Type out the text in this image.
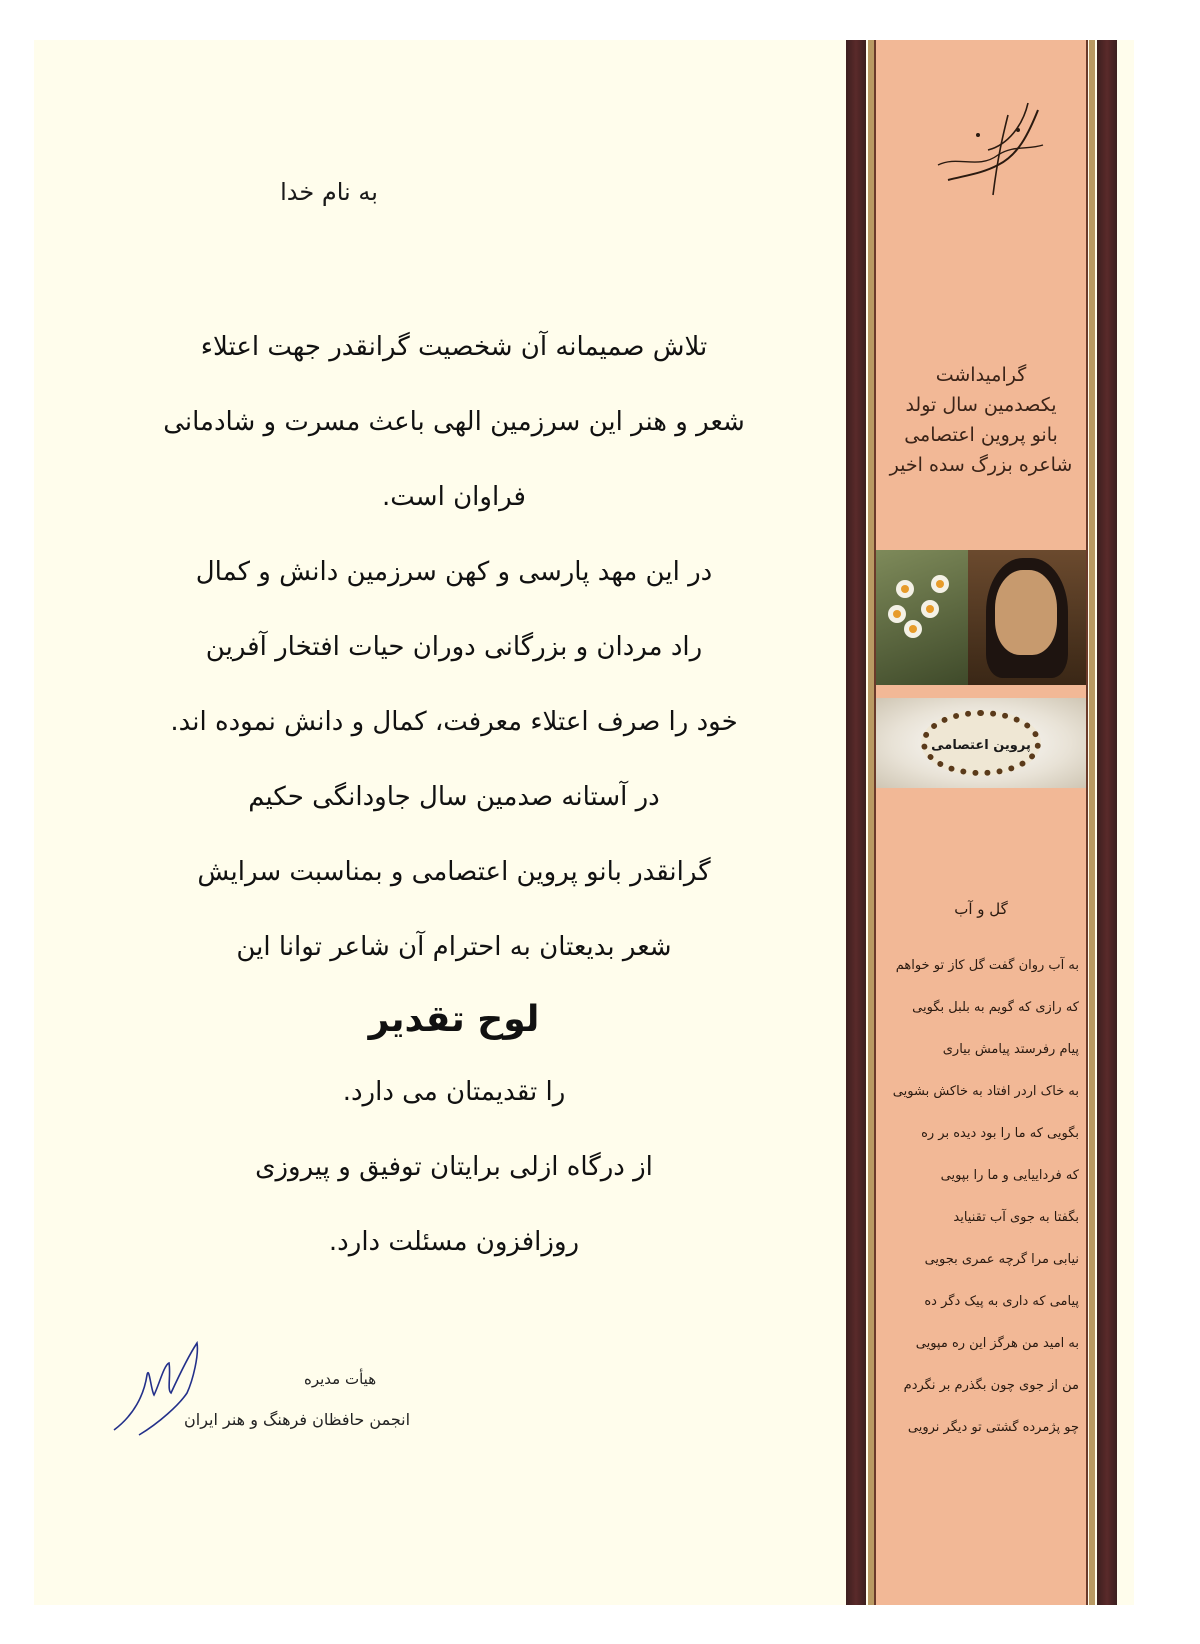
به نام خدا
تلاش صمیمانه آن شخصیت گرانقدر جهت اعتلاء
شعر و هنر این سرزمین الهی باعث مسرت و شادمانی
فراوان است.
در این مهد پارسی و کهن سرزمین دانش و کمال
راد مردان و بزرگانی دوران حیات افتخار آفرین
خود را صرف اعتلاء معرفت، کمال و دانش نموده اند.
در آستانه صدمین سال جاودانگی حکیم
گرانقدر بانو پروین اعتصامی و بمناسبت سرایش
شعر بدیعتان به احترام آن شاعر توانا این
لوح تقدیر
را تقدیمتان می دارد.
از درگاه ازلی برایتان توفیق و پیروزی
روزافزون مسئلت دارد.
هیأت مدیره
انجمن حافظان فرهنگ و هنر ایران
گرامیداشت
یکصدمین سال تولد
بانو پروین اعتصامی
شاعره بزرگ سده اخیر
پروین اعتصامی
گل و آب
به آب روان گفت گل کاز تو خواهم
که رازی که گویم به بلبل بگویی
پیام رفرستد پیامش بیاری
به خاک اردر افتاد به خاکش بشویی
بگویی که ما را بود دیده بر ره
که فرداییایی و ما را بپویی
بگفتا به جوی آب تقنیاید
نیابی مرا گرچه عمری بجویی
پیامی که داری به پیک دگر ده
به امید من هرگز این ره مپویی
من از جوی چون بگذرم بر نگردم
چو پژمرده گشتی تو دیگر نرویی
